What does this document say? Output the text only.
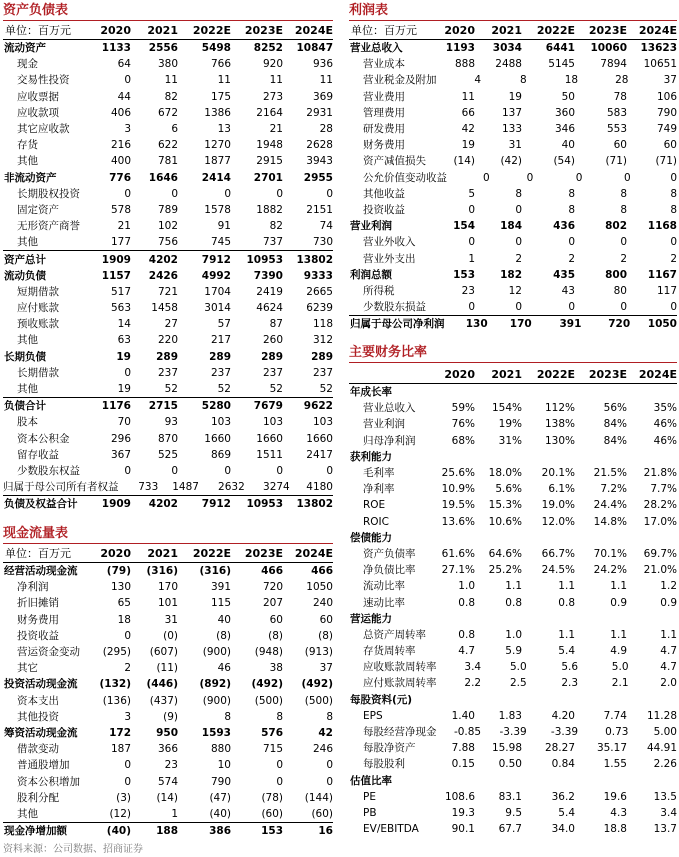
资产负债表
单位：百万元	2020	2021	2022E	2023E	2024E
流动资产	1133	2556	5498	8252	10847
现金	64	380	766	920	936
交易性投资	0	11	11	11	11
应收票据	44	82	175	273	369
应收款项	406	672	1386	2164	2931
其它应收款	3	6	13	21	28
存货	216	622	1270	1948	2628
其他	400	781	1877	2915	3943
非流动资产	776	1646	2414	2701	2955
长期股权投资	0	0	0	0	0
固定资产	578	789	1578	1882	2151
无形资产商誉	21	102	91	82	74
其他	177	756	745	737	730
资产总计	1909	4202	7912	10953	13802
流动负债	1157	2426	4992	7390	9333
短期借款	517	721	1704	2419	2665
应付账款	563	1458	3014	4624	6239
预收账款	14	27	57	87	118
其他	63	220	217	260	312
长期负债	19	289	289	289	289
长期借款	0	237	237	237	237
其他	19	52	52	52	52
负债合计	1176	2715	5280	7679	9622
股本	70	93	103	103	103
资本公积金	296	870	1660	1660	1660
留存收益	367	525	869	1511	2417
少数股东权益	0	0	0	0	0
归属于母公司所有者权益	733	1487	2632	3274	4180
负债及权益合计	1909	4202	7912	10953	13802
现金流量表
单位：百万元	2020	2021	2022E	2023E	2024E
经营活动现金流	(79)	(316)	(316)	466	466
净利润	130	170	391	720	1050
折旧摊销	65	101	115	207	240
财务费用	18	31	40	60	60
投资收益	0	(0)	(8)	(8)	(8)
营运资金变动	(295)	(607)	(900)	(948)	(913)
其它	2	(11)	46	38	37
投资活动现金流	(132)	(446)	(892)	(492)	(492)
资本支出	(136)	(437)	(900)	(500)	(500)
其他投资	3	(9)	8	8	8
筹资活动现金流	172	950	1593	576	42
借款变动	187	366	880	715	246
普通股增加	0	23	10	0	0
资本公积增加	0	574	790	0	0
股利分配	(3)	(14)	(47)	(78)	(144)
其他	(12)	1	(40)	(60)	(60)
现金净增加额	(40)	188	386	153	16
利润表
单位：百万元	2020	2021	2022E	2023E	2024E
营业总收入	1193	3034	6441	10060	13623
营业成本	888	2488	5145	7894	10651
营业税金及附加	4	8	18	28	37
营业费用	11	19	50	78	106
管理费用	66	137	360	583	790
研发费用	42	133	346	553	749
财务费用	19	31	40	60	60
资产减值损失	(14)	(42)	(54)	(71)	(71)
公允价值变动收益	0	0	0	0	0
其他收益	5	8	8	8	8
投资收益	0	0	8	8	8
营业利润	154	184	436	802	1168
营业外收入	0	0	0	0	0
营业外支出	1	2	2	2	2
利润总额	153	182	435	800	1167
所得税	23	12	43	80	117
少数股东损益	0	0	0	0	0
归属于母公司净利润	130	170	391	720	1050
主要财务比率
2020	2021	2022E	2023E	2024E
年成长率
营业总收入	59%	154%	112%	56%	35%
营业利润	76%	19%	138%	84%	46%
归母净利润	68%	31%	130%	84%	46%
获利能力
毛利率	25.6%	18.0%	20.1%	21.5%	21.8%
净利率	10.9%	5.6%	6.1%	7.2%	7.7%
ROE	19.5%	15.3%	19.0%	24.4%	28.2%
ROIC	13.6%	10.6%	12.0%	14.8%	17.0%
偿债能力
资产负债率	61.6%	64.6%	66.7%	70.1%	69.7%
净负债比率	27.1%	25.2%	24.5%	24.2%	21.0%
流动比率	1.0	1.1	1.1	1.1	1.2
速动比率	0.8	0.8	0.8	0.9	0.9
营运能力
总资产周转率	0.8	1.0	1.1	1.1	1.1
存货周转率	4.7	5.9	5.4	4.9	4.7
应收账款周转率	3.4	5.0	5.6	5.0	4.7
应付账款周转率	2.2	2.5	2.3	2.1	2.0
每股资料(元)
EPS	1.40	1.83	4.20	7.74	11.28
每股经营净现金	-0.85	-3.39	-3.39	0.73	5.00
每股净资产	7.88	15.98	28.27	35.17	44.91
每股股利	0.15	0.50	0.84	1.55	2.26
估值比率
PE	108.6	83.1	36.2	19.6	13.5
PB	19.3	9.5	5.4	4.3	3.4
EV/EBITDA	90.1	67.7	34.0	18.8	13.7
资料来源：公司数据、招商证券
